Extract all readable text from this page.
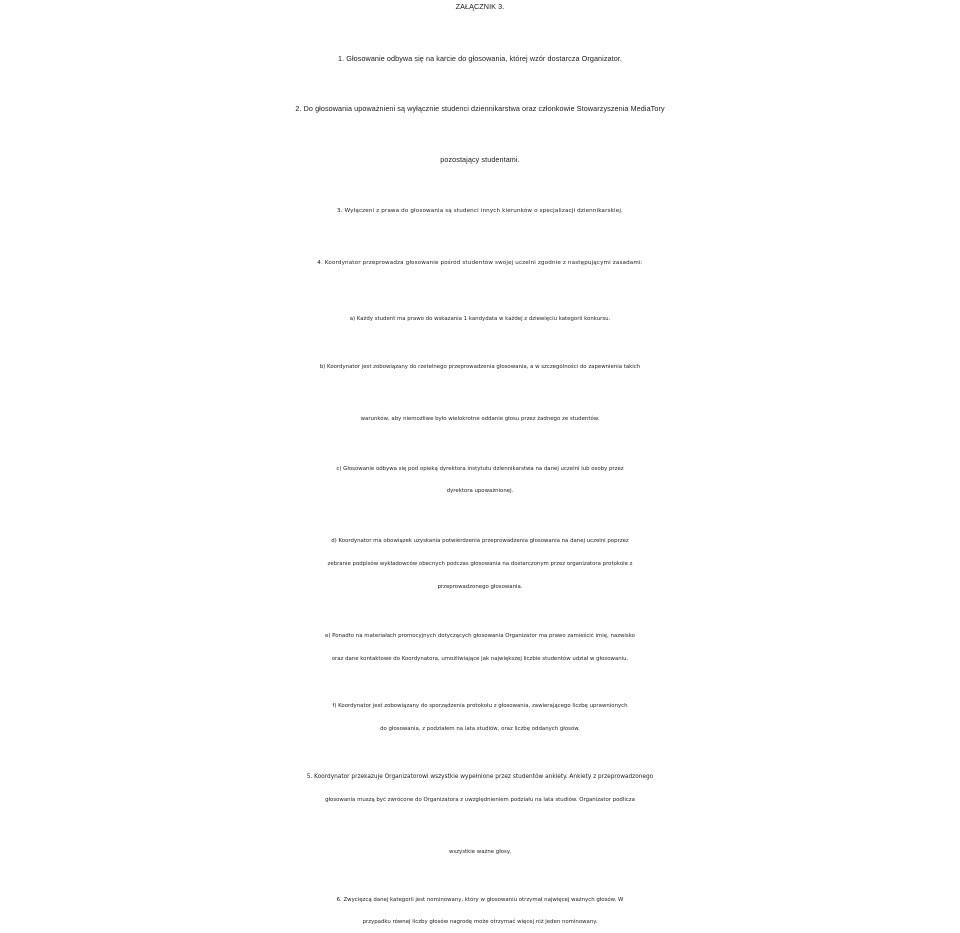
ZAŁĄCZNIK 3.
1. Głosowanie odbywa się na karcie do głosowania, której wzór dostarcza Organizator.
2. Do głosowania upoważnieni są wyłącznie studenci dziennikarstwa oraz członkowie Stowarzyszenia MediaTory
pozostający studentami.
3. Wyłączeni z prawa do głosowania są studenci innych kierunków o specjalizacji dziennikarskiej.
4. Koordynator przeprowadza głosowanie pośród studentów swojej uczelni zgodnie z następującymi zasadami:
a) Każdy student ma prawo do wskazania 1 kandydata w każdej z dziewięciu kategorii konkursu.
b) Koordynator jest zobowiązany do rzetelnego przeprowadzenia głosowania, a w szczególności do zapewnienia takich
warunków, aby niemożliwe było wielokrotne oddanie głosu przez żadnego ze studentów.
c) Głosowanie odbywa się pod opieką dyrektora instytutu dziennikarstwa na danej uczelni lub osoby przez
dyrektora upoważnionej.
d) Koordynator ma obowiązek uzyskania potwierdzenia przeprowadzenia głosowania na danej uczelni poprzez
zebranie podpisów wykładowców obecnych podczas głosowania na dostarczonym przez organizatora protokole z
przeprowadzonego głosowania.
e) Ponadto na materiałach promocyjnych dotyczących głosowania Organizator ma prawo zamieścić imię, nazwisko
oraz dane kontaktowe do Koordynatora, umożliwiające jak największej liczbie studentów udział w głosowaniu.
f) Koordynator jest zobowiązany do sporządzenia protokołu z głosowania, zawierającego liczbę uprawnionych
do głosowania, z podziałem na lata studiów, oraz liczbę oddanych głosów.
5. Koordynator przekazuje Organizatorowi wszystkie wypełnione przez studentów ankiety. Ankiety z przeprowadzonego
głosowania muszą być zwrócone do Organizatora z uwzględnieniem podziału na lata studiów. Organizator podlicza
wszystkie ważne głosy.
6. Zwycięzcą danej kategorii jest nominowany, który w głosowaniu otrzymał najwięcej ważnych głosów. W
przypadku równej liczby głosów nagrodę może otrzymać więcej niż jeden nominowany.
